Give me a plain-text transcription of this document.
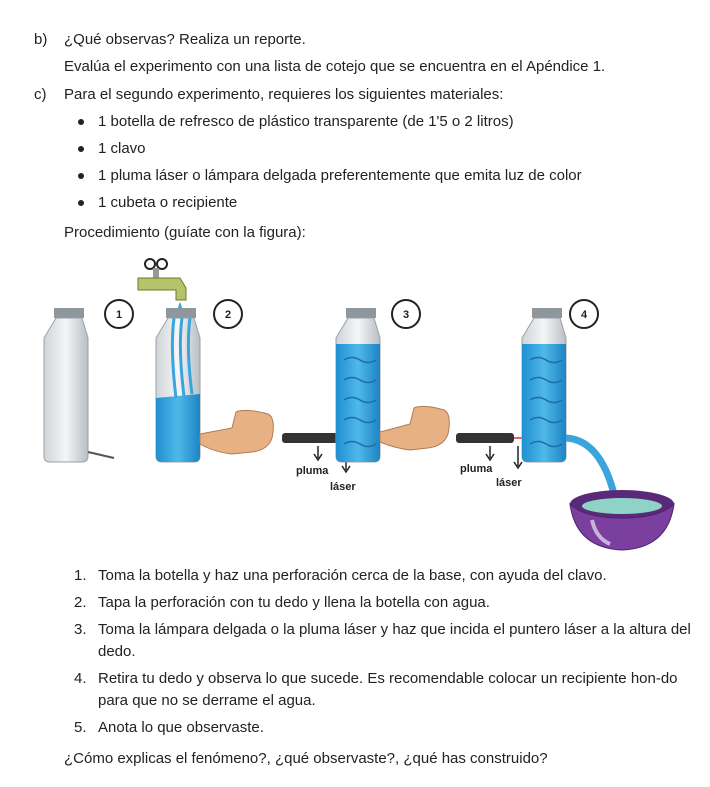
b) ¿Qué observas? Realiza un reporte.
Evalúa el experimento con una lista de cotejo que se encuentra en el Apéndice 1.
c) Para el segundo experimento, requieres los siguientes materiales:
1 botella de refresco de plástico transparente (de 1'5 o 2 litros)
1 clavo
1 pluma láser o lámpara delgada preferentemente que emita luz de color
1 cubeta o recipiente
Procedimiento (guíate con la figura):
1	2
pluma
láser
3
pluma
láser
4
1. Toma la botella y haz una perforación cerca de la base, con ayuda del clavo.
2. Tapa la perforación con tu dedo y llena la botella con agua.
3. Toma la lámpara delgada o la pluma láser y haz que incida el puntero láser a la altura del dedo.
4. Retira tu dedo y observa lo que sucede. Es recomendable colocar un recipiente hon-do para que no se derrame el agua.
5. Anota lo que observaste.
¿Cómo explicas el fenómeno?, ¿qué observaste?, ¿qué has construido?
